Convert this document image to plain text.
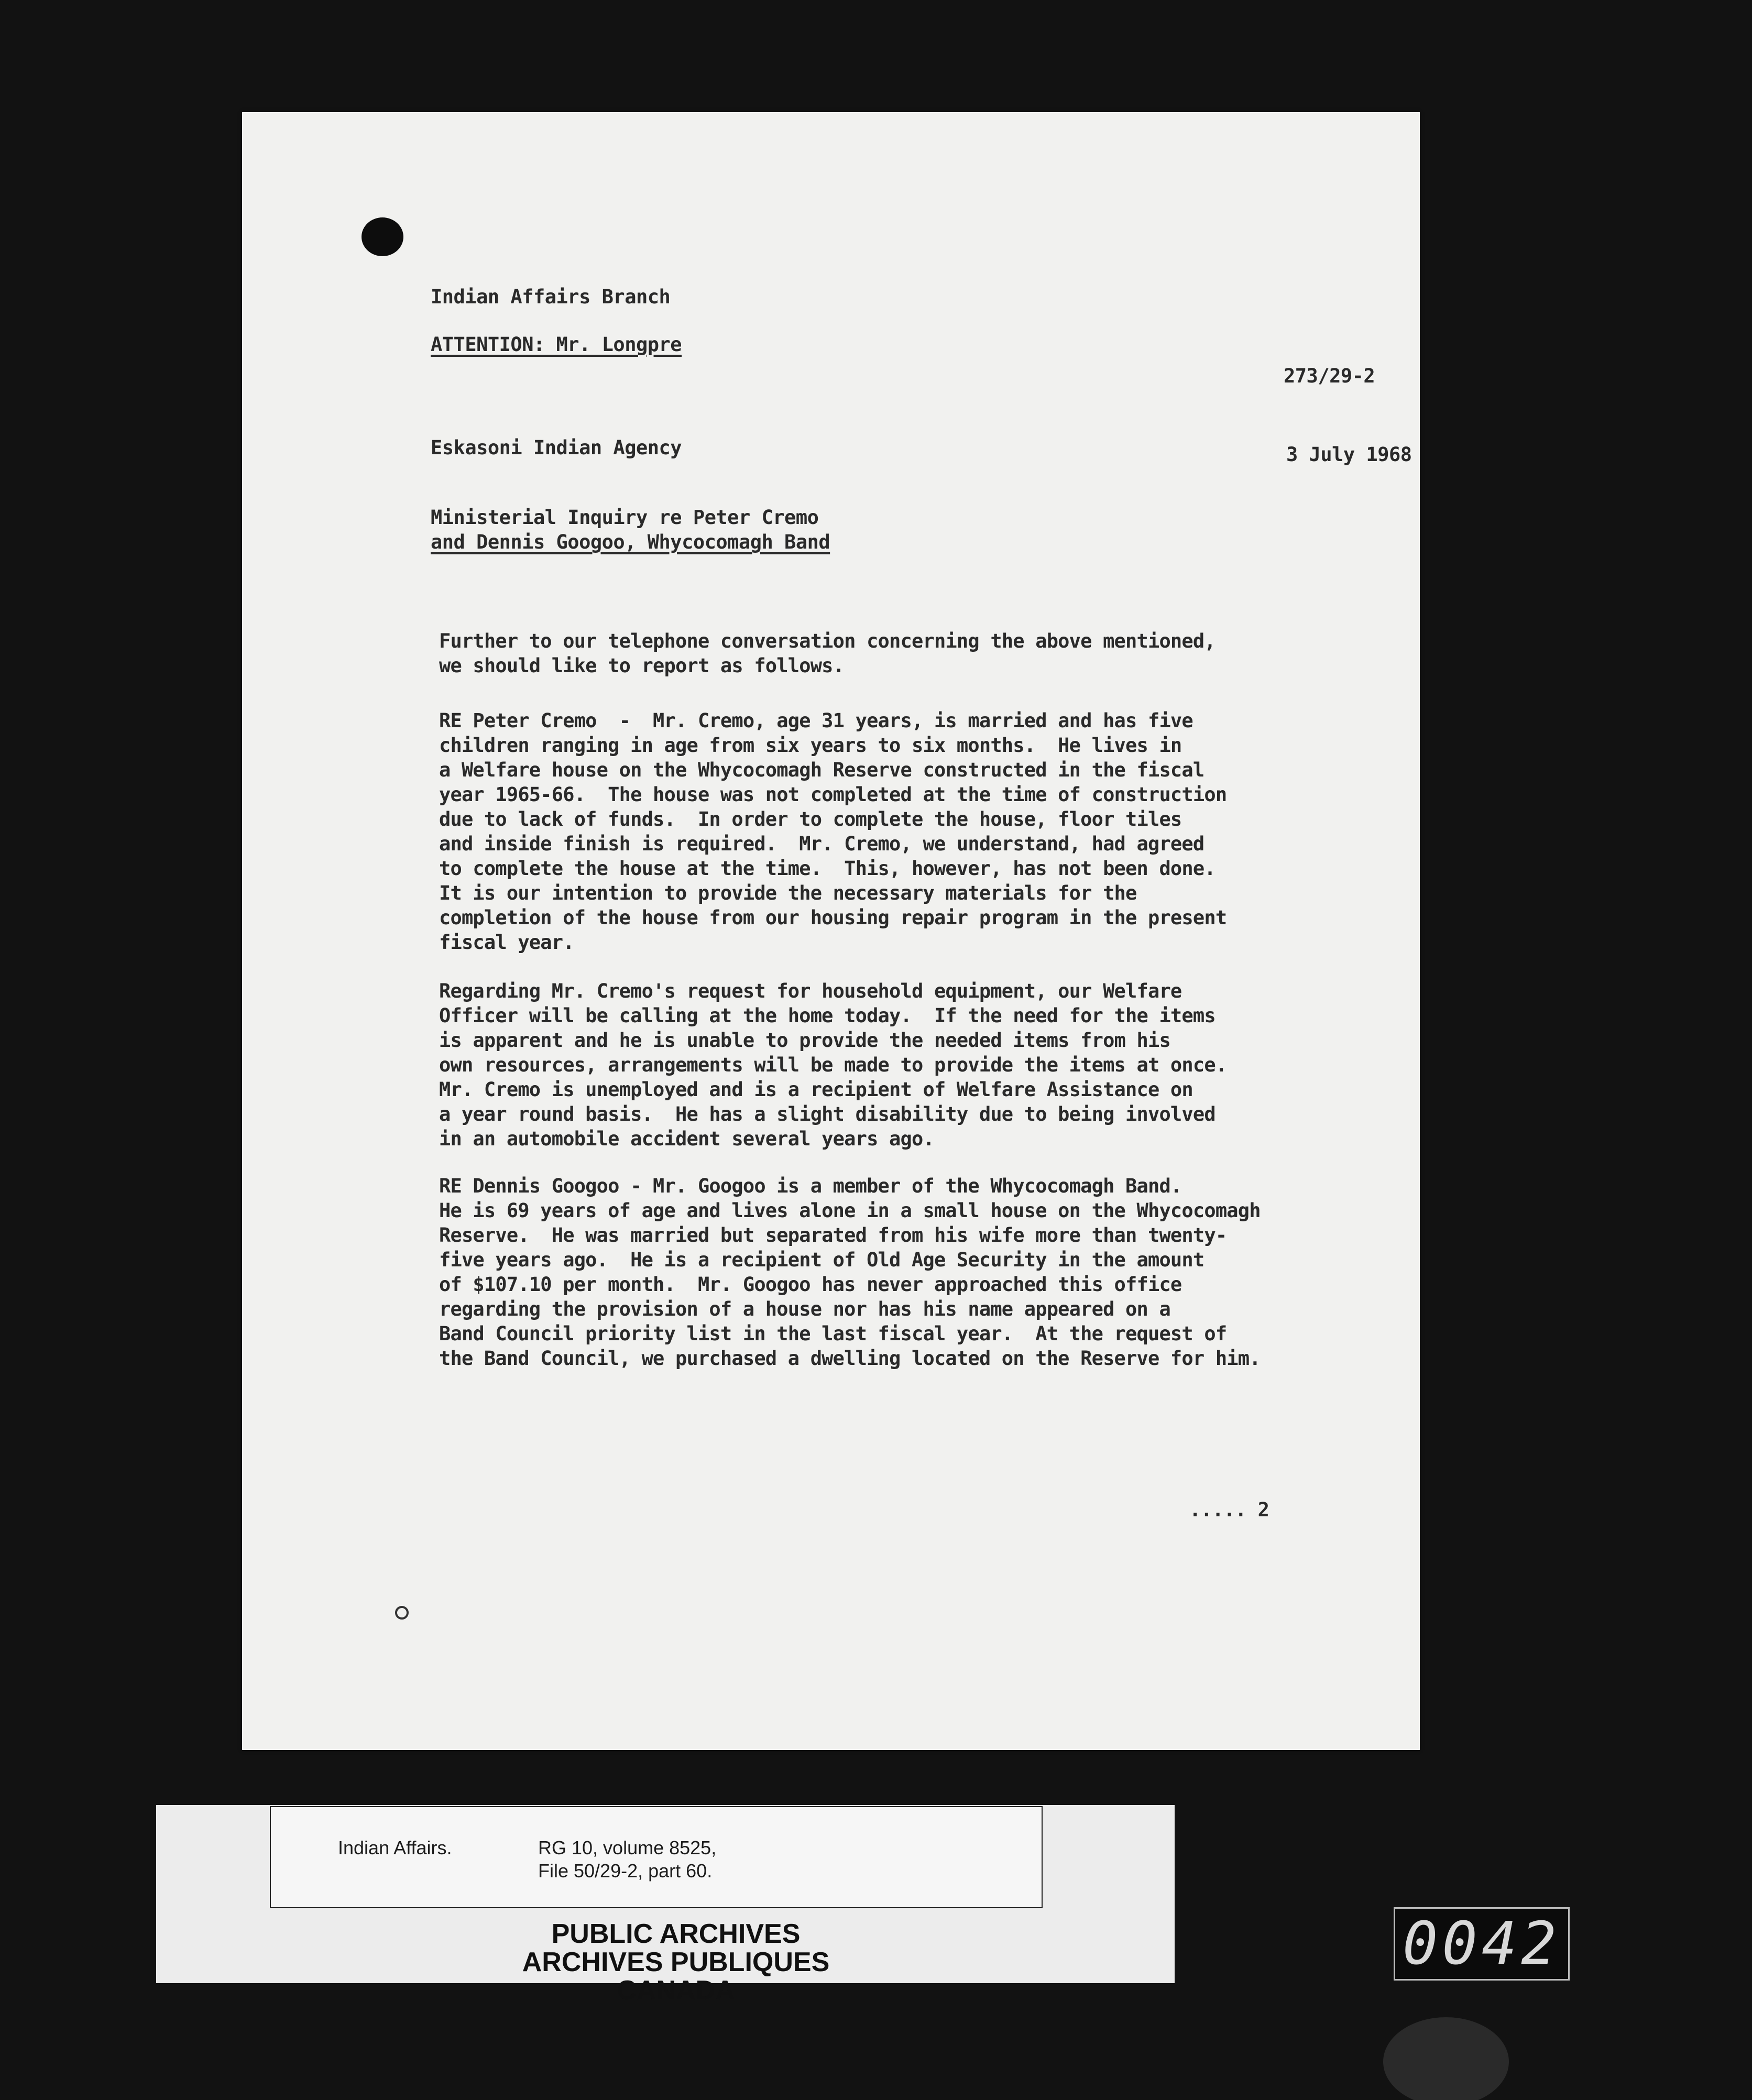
Indian Affairs Branch
ATTENTION: Mr. Longpre
273/29-2
Eskasoni Indian Agency	3 July 1968
Ministerial Inquiry re Peter Cremo
and Dennis Googoo, Whycocomagh Band
Further to our telephone conversation concerning the above mentioned,
we should like to report as follows.
RE Peter Cremo  -  Mr. Cremo, age 31 years, is married and has five
children ranging in age from six years to six months.  He lives in
a Welfare house on the Whycocomagh Reserve constructed in the fiscal
year 1965-66.  The house was not completed at the time of construction
due to lack of funds.  In order to complete the house, floor tiles
and inside finish is required.  Mr. Cremo, we understand, had agreed
to complete the house at the time.  This, however, has not been done.
It is our intention to provide the necessary materials for the
completion of the house from our housing repair program in the present
fiscal year.
Regarding Mr. Cremo's request for household equipment, our Welfare
Officer will be calling at the home today.  If the need for the items
is apparent and he is unable to provide the needed items from his
own resources, arrangements will be made to provide the items at once.
Mr. Cremo is unemployed and is a recipient of Welfare Assistance on
a year round basis.  He has a slight disability due to being involved
in an automobile accident several years ago.
RE Dennis Googoo - Mr. Googoo is a member of the Whycocomagh Band.
He is 69 years of age and lives alone in a small house on the Whycocomagh
Reserve.  He was married but separated from his wife more than twenty-
five years ago.  He is a recipient of Old Age Security in the amount
of $107.10 per month.  Mr. Googoo has never approached this office
regarding the provision of a house nor has his name appeared on a
Band Council priority list in the last fiscal year.  At the request of
the Band Council, we purchased a dwelling located on the Reserve for him.
..... 2
Indian Affairs.	RG 10, volume 8525,
File 50/29-2, part 60.
PUBLIC ARCHIVES
ARCHIVES PUBLIQUES
CANADA
0042
